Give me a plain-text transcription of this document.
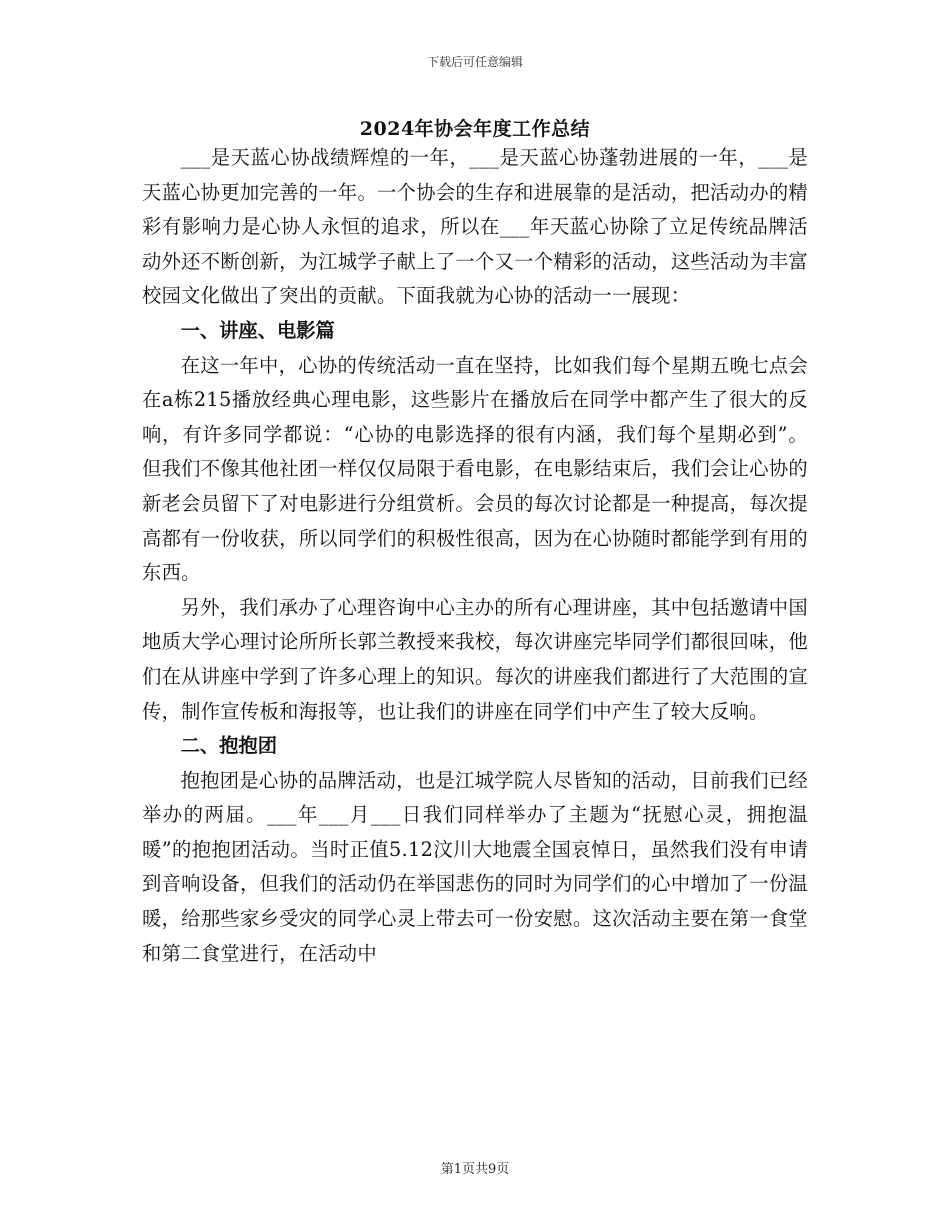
下载后可任意编辑
2024年协会年度工作总结

___是天蓝心协战绩辉煌的一年，___是天蓝心协蓬勃进展的一年，___是天蓝心协更加完善的一年。一个协会的生存和进展靠的是活动，把活动办的精彩有影响力是心协人永恒的追求，所以在___年天蓝心协除了立足传统品牌活动外还不断创新，为江城学子献上了一个又一个精彩的活动，这些活动为丰富校园文化做出了突出的贡献。下面我就为心协的活动一一展现：

一、讲座、电影篇

在这一年中，心协的传统活动一直在坚持，比如我们每个星期五晚七点会在a栋215播放经典心理电影，这些影片在播放后在同学中都产生了很大的反响，有许多同学都说：“心协的电影选择的很有内涵，我们每个星期必到”。但我们不像其他社团一样仅仅局限于看电影，在电影结束后，我们会让心协的新老会员留下了对电影进行分组赏析。会员的每次讨论都是一种提高，每次提高都有一份收获，所以同学们的积极性很高，因为在心协随时都能学到有用的东西。

另外，我们承办了心理咨询中心主办的所有心理讲座，其中包括邀请中国地质大学心理讨论所所长郭兰教授来我校，每次讲座完毕同学们都很回味，他们在从讲座中学到了许多心理上的知识。每次的讲座我们都进行了大范围的宣传，制作宣传板和海报等，也让我们的讲座在同学们中产生了较大反响。

二、抱抱团

抱抱团是心协的品牌活动，也是江城学院人尽皆知的活动，目前我们已经举办的两届。___年___月___日我们同样举办了主题为“抚慰心灵，拥抱温暖”的抱抱团活动。当时正值5.12汶川大地震全国哀悼日，虽然我们没有申请到音响设备，但我们的活动仍在举国悲伤的同时为同学们的心中增加了一份温暖，给那些家乡受灾的同学心灵上带去可一份安慰。这次活动主要在第一食堂和第二食堂进行，在活动中

第1页共9页
